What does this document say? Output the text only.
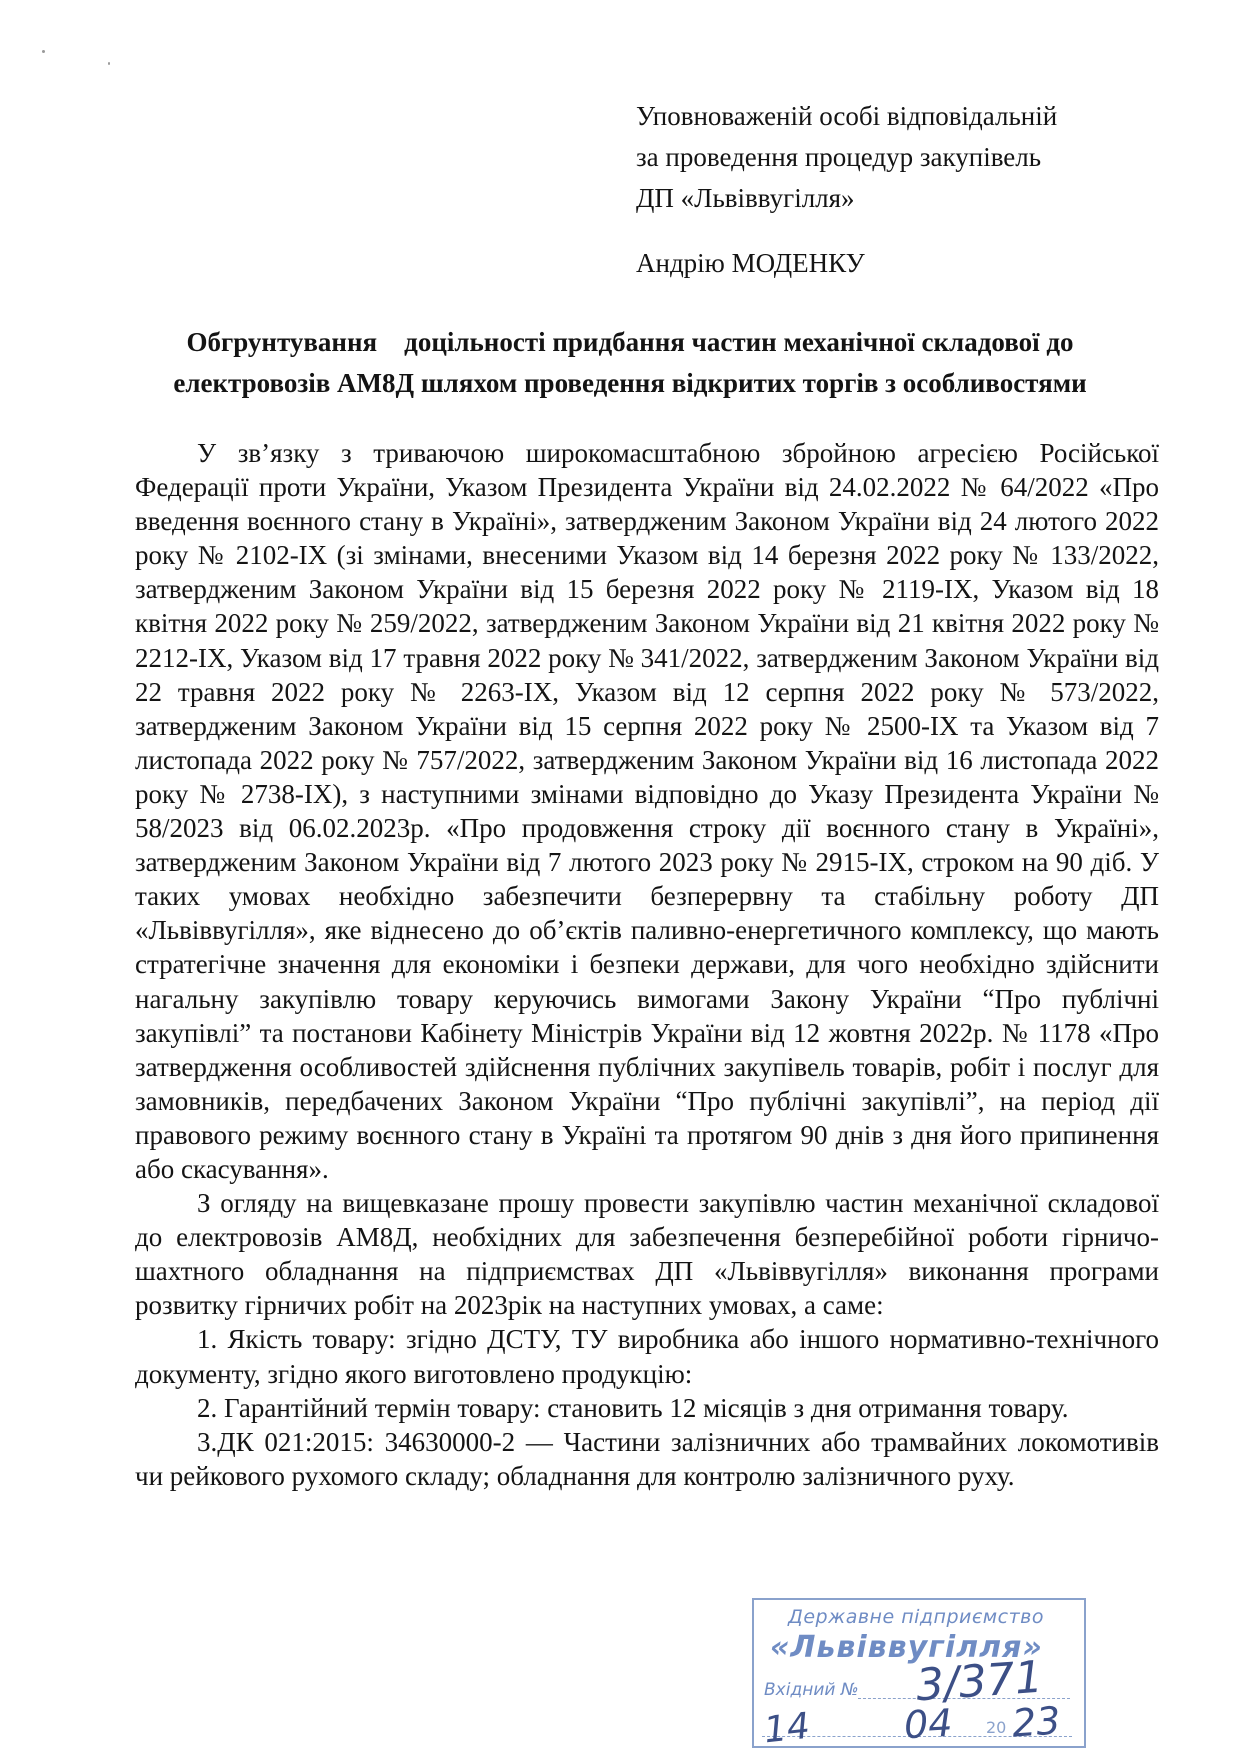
Уповноваженій особі відповідальній
за проведення процедур закупівель
ДП «Львіввугілля»
Андрію МОДЕНКУ
Обгрунтування    доцільності придбання частин механічної складової до
електровозів АМ8Д шляхом проведення відкритих торгів з особливостями

У зв’язку з триваючою широкомасштабною збройною агресією Російської Федерації проти України, Указом Президента України від 24.02.2022 № 64/2022 «Про введення воєнного стану в Україні», затвердженим Законом України від 24 лютого 2022 року № 2102-IX (зі змінами, внесеними Указом від 14 березня 2022 року № 133/2022, затвердженим Законом України від 15 березня 2022 року № 2119-IX, Указом від 18 квітня 2022 року № 259/2022, затвердженим Законом України від 21 квітня 2022 року № 2212-IX, Указом від 17 травня 2022 року № 341/2022, затвердженим Законом України від 22 травня 2022 року № 2263-IX, Указом від 12 серпня 2022 року № 573/2022, затвердженим Законом України від 15 серпня 2022 року № 2500-IX та Указом від 7 листопада 2022 року № 757/2022, затвердженим Законом України від 16 листопада 2022 року № 2738-IX), з наступними змінами відповідно до Указу Президента України № 58/2023 від 06.02.2023р. «Про продовження строку дії воєнного стану в Україні», затвердженим Законом України від 7 лютого 2023 року № 2915-IX, строком на 90 діб. У таких умовах необхідно забезпечити безперервну та стабільну роботу ДП «Львіввугілля», яке віднесено до об’єктів паливно-енергетичного комплексу, що мають стратегічне значення для економіки і безпеки держави, для чого необхідно здійснити нагальну закупівлю товару керуючись вимогами Закону України “Про публічні закупівлі” та постанови Кабінету Міністрів України від 12 жовтня 2022р. № 1178 «Про затвердження особливостей здійснення публічних закупівель товарів, робіт і послуг для замовників, передбачених Законом України “Про публічні закупівлі”, на період дії правового режиму воєнного стану в Україні та протягом 90 днів з дня його припинення або скасування».

З огляду на вищевказане прошу провести закупівлю частин механічної складової до електровозів АМ8Д, необхідних для забезпечення безперебійної роботи гірничо-шахтного обладнання на підприємствах ДП «Львіввугілля» виконання програми розвитку гірничих робіт на 2023рік на наступних умовах, а саме:

1. Якість товару: згідно ДСТУ, ТУ виробника або іншого нормативно-технічного документу, згідно якого виготовлено продукцію:

2. Гарантійний термін товару: становить 12 місяців з дня отримання товару.

3.ДК 021:2015: 34630000-2 — Частини залізничних або трамвайних локомотивів чи рейкового рухомого складу; обладнання для контролю залізничного руху.

Державне підприємство
«Львіввугілля»
Вхідний № 3/371
14 04 20 23
